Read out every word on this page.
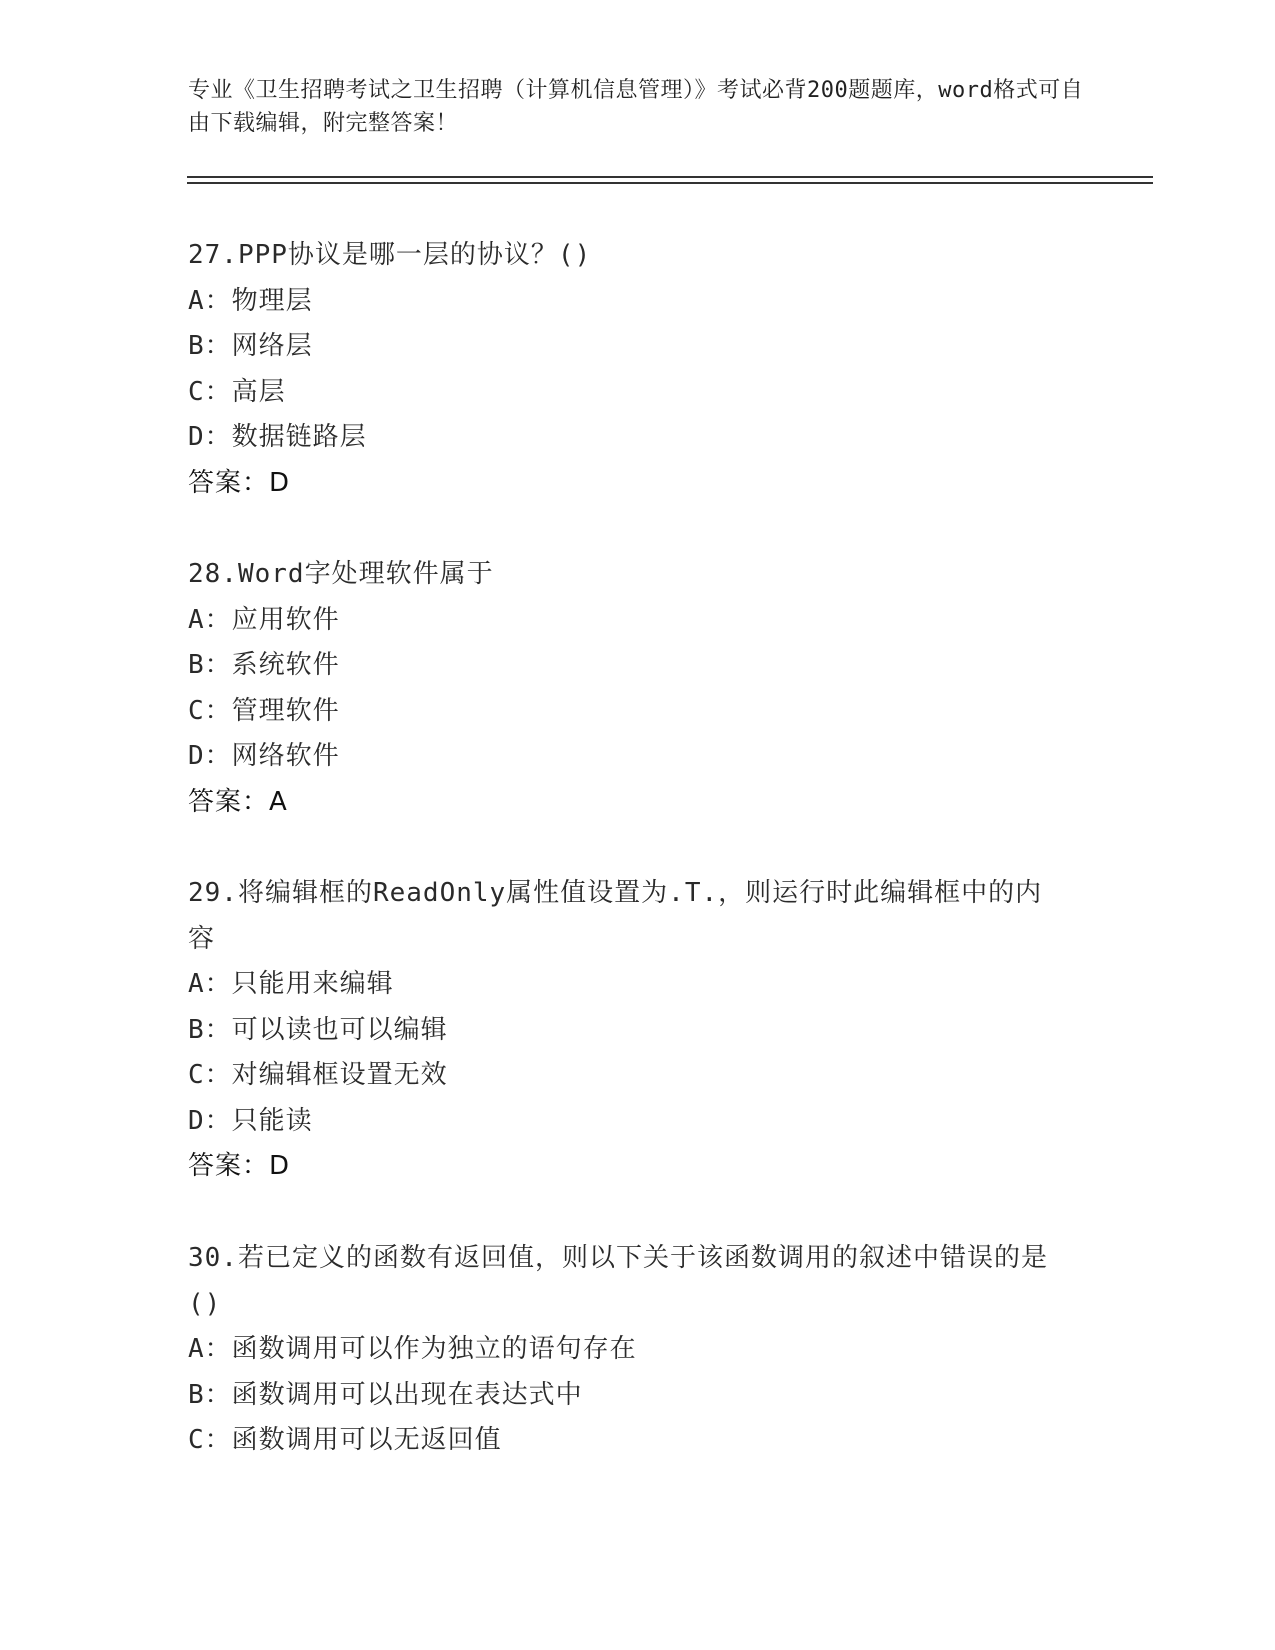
专业《卫生招聘考试之卫生招聘（计算机信息管理）》考试必背200题题库，word格式可自由下载编辑，附完整答案！
27.PPP协议是哪一层的协议？()
A：物理层
B：网络层
C：高层
D：数据链路层
答案：D
28.Word字处理软件属于
A：应用软件
B：系统软件
C：管理软件
D：网络软件
答案：A
29.将编辑框的ReadOnly属性值设置为.T.，则运行时此编辑框中的内容
A：只能用来编辑
B：可以读也可以编辑
C：对编辑框设置无效
D：只能读
答案：D
30.若已定义的函数有返回值，则以下关于该函数调用的叙述中错误的是()
A：函数调用可以作为独立的语句存在
B：函数调用可以出现在表达式中
C：函数调用可以无返回值
